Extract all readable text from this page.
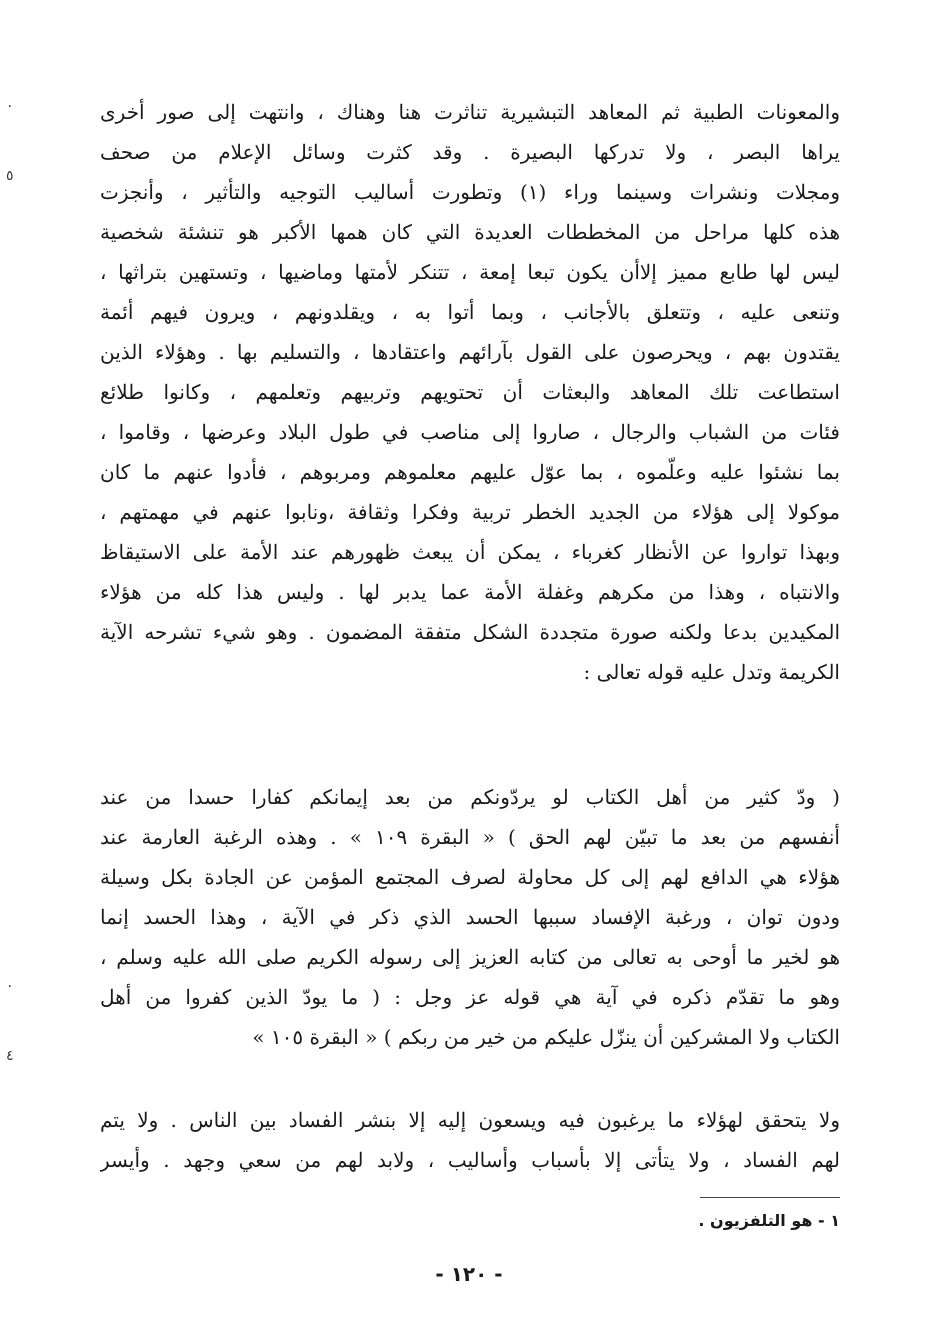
والمعونات الطبية ثم المعاهد التبشيرية تناثرت هنا وهناك ، وانتهت إلى صور أخرى
يراها البصر ، ولا تدركها البصيرة . وقد كثرت وسائل الإعلام من صحف
ومجلات ونشرات وسينما وراء (١) وتطورت أساليب التوجيه والتأثير ، وأنجزت
هذه كلها مراحل من المخططات العديدة التي كان همها الأكبر هو تنشئة شخصية
ليس لها طابع مميز إلاأن يكون تبعا إمعة ، تتنكر لأمتها وماضيها ، وتستهين بتراثها ،
وتنعى عليه ، وتتعلق بالأجانب ، وبما أتوا به ، ويقلدونهم ، ويرون فيهم أئمة
يقتدون بهم ، ويحرصون على القول بآرائهم واعتقادها ، والتسليم بها . وهؤلاء الذين
استطاعت تلك المعاهد والبعثات أن تحتويهم وتربيهم وتعلمهم ، وكانوا طلائع
فئات من الشباب والرجال ، صاروا إلى مناصب في طول البلاد وعرضها ، وقاموا ،
بما نشئوا عليه وعلّموه ، بما عوّل عليهم معلموهم ومربوهم ، فأدوا عنهم ما كان
موكولا إلى هؤلاء من الجديد الخطر تربية وفكرا وثقافة ،ونابوا عنهم في مهمتهم ،
وبهذا تواروا عن الأنظار كغرباء ، يمكن أن يبعث ظهورهم عند الأمة على الاستيقاظ
والانتباه ، وهذا من مكرهم وغفلة الأمة عما يدبر لها . وليس هذا كله من هؤلاء
المكيدين بدعا ولكنه صورة متجددة الشكل متفقة المضمون . وهو شيء تشرحه الآية
الكريمة وتدل عليه قوله تعالى :
( ودّ كثير من أهل الكتاب لو يردّونكم من بعد إيمانكم كفارا حسدا من عند
أنفسهم من بعد ما تبيّن لهم الحق ) « البقرة ١٠٩ » . وهذه الرغبة العارمة عند
هؤلاء هي الدافع لهم إلى كل محاولة لصرف المجتمع المؤمن عن الجادة بكل وسيلة
ودون توان ، ورغبة الإفساد سببها الحسد الذي ذكر في الآية ، وهذا الحسد إنما
هو لخير ما أوحى به تعالى من كتابه العزيز إلى رسوله الكريم صلى الله عليه وسلم ،
وهو ما تقدّم ذكره في آية هي قوله عز وجل : ( ما يودّ الذين كفروا من أهل
الكتاب ولا المشركين أن ينزّل عليكم من خير من ربكم ) « البقرة ١٠٥ »
ولا يتحقق لهؤلاء ما يرغبون فيه ويسعون إليه إلا بنشر الفساد بين الناس . ولا يتم
لهم الفساد ، ولا يتأتى إلا بأسباب وأساليب ، ولابد لهم من سعي وجهد . وأيسر
١ - هو التلفزيون .
- ١٢٠ -
٠
٥
٠
٤
